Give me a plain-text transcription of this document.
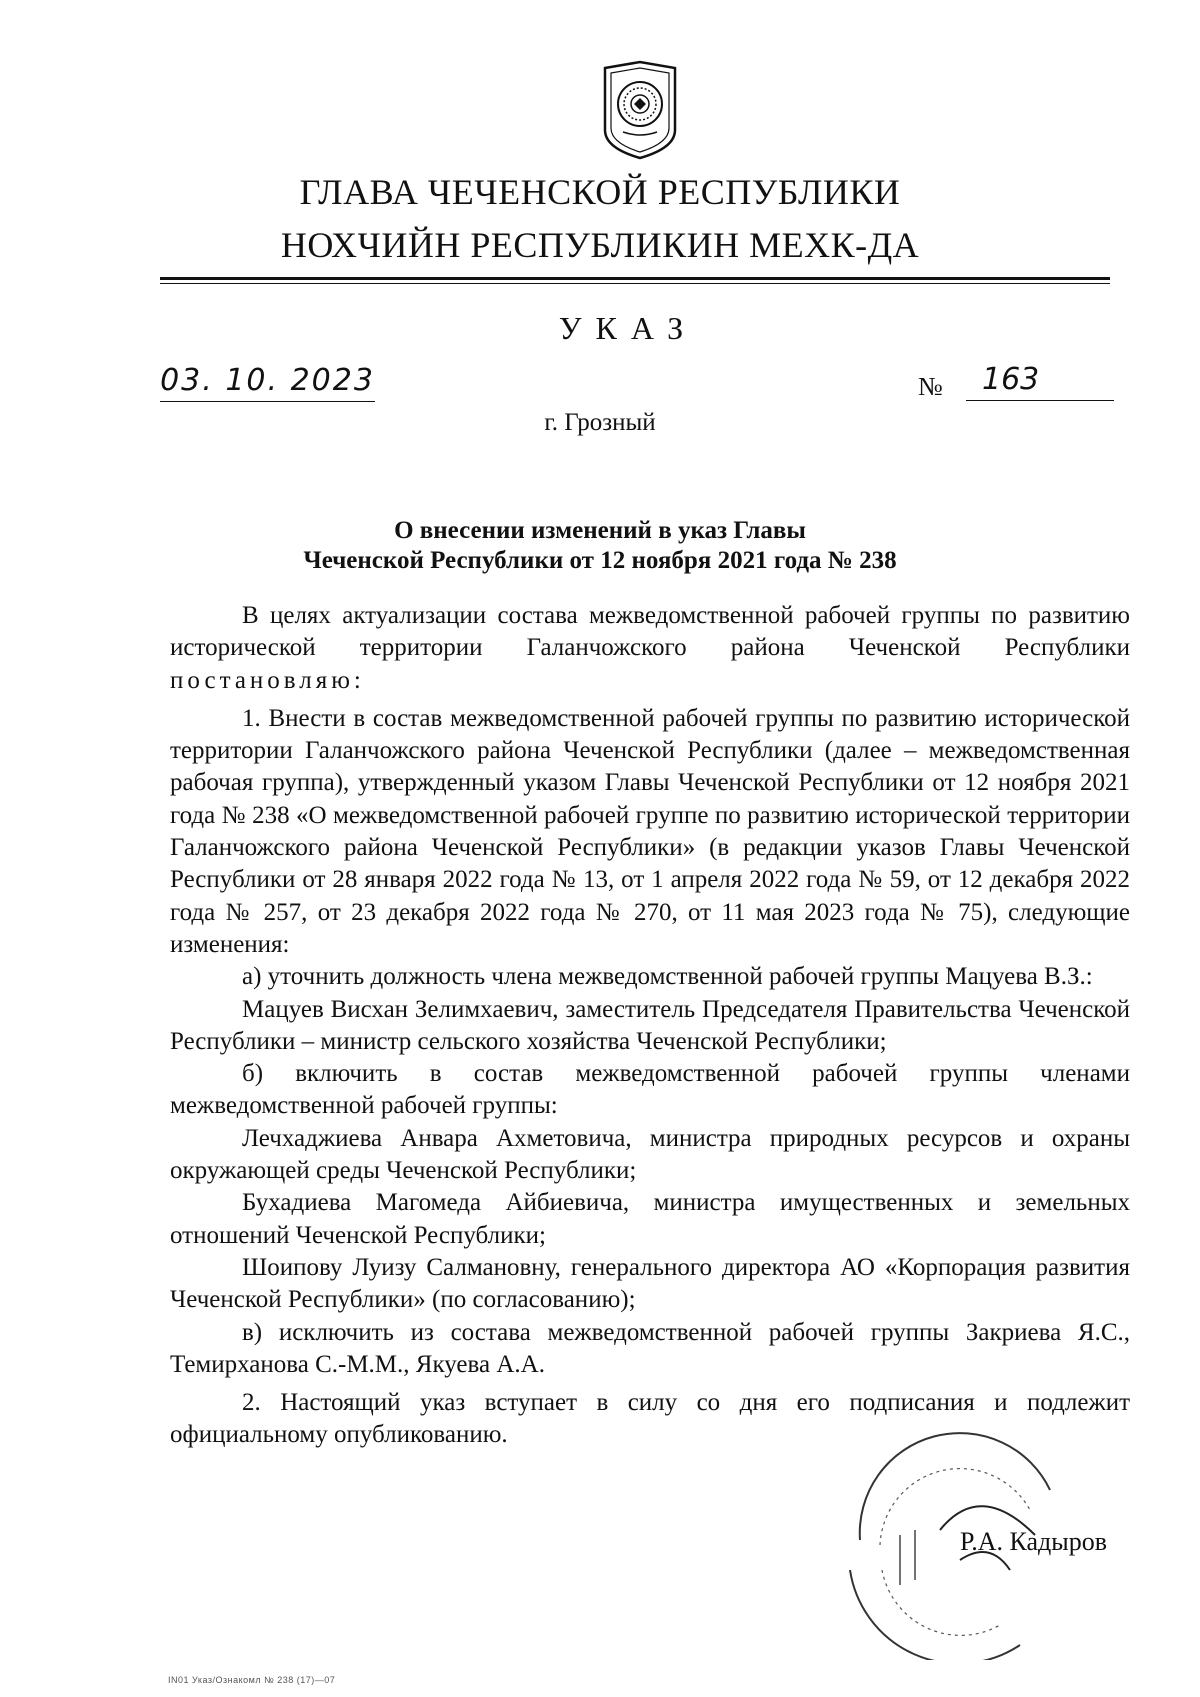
ГЛАВА ЧЕЧЕНСКОЙ РЕСПУБЛИКИ
НОХЧИЙН РЕСПУБЛИКИН МЕХК-ДА
УКАЗ
03. 10. 2023	№	163
г. Грозный
О внесении изменений в указ Главы
Чеченской Республики от 12 ноября 2021 года № 238

В целях актуализации состава межведомственной рабочей группы по развитию исторической территории Галанчожского района Чеченской Республики постановляю:

1. Внести в состав межведомственной рабочей группы по развитию исторической территории Галанчожского района Чеченской Республики (далее – межведомственная рабочая группа), утвержденный указом Главы Чеченской Республики от 12 ноября 2021 года № 238 «О межведомственной рабочей группе по развитию исторической территории Галанчожского района Чеченской Республики» (в редакции указов Главы Чеченской Республики от 28 января 2022 года № 13, от 1 апреля 2022 года № 59, от 12 декабря 2022 года № 257, от 23 декабря 2022 года № 270, от 11 мая 2023 года № 75), следующие изменения:

а) уточнить должность члена межведомственной рабочей группы Мацуева В.З.:

Мацуев Висхан Зелимхаевич, заместитель Председателя Правительства Чеченской Республики – министр сельского хозяйства Чеченской Республики;

б) включить в состав межведомственной рабочей группы членами межведомственной рабочей группы:

Лечхаджиева Анвара Ахметовича, министра природных ресурсов и охраны окружающей среды Чеченской Республики;

Бухадиева Магомеда Айбиевича, министра имущественных и земельных отношений Чеченской Республики;

Шоипову Луизу Салмановну, генерального директора АО «Корпорация развития Чеченской Республики» (по согласованию);

в) исключить из состава межведомственной рабочей группы Закриева Я.С., Темирханова С.-М.М., Якуева А.А.

2. Настоящий указ вступает в силу со дня его подписания и подлежит официальному опубликованию.

Р.А. Кадыров
IN01 Указ/Ознакомл № 238 (17)—07
